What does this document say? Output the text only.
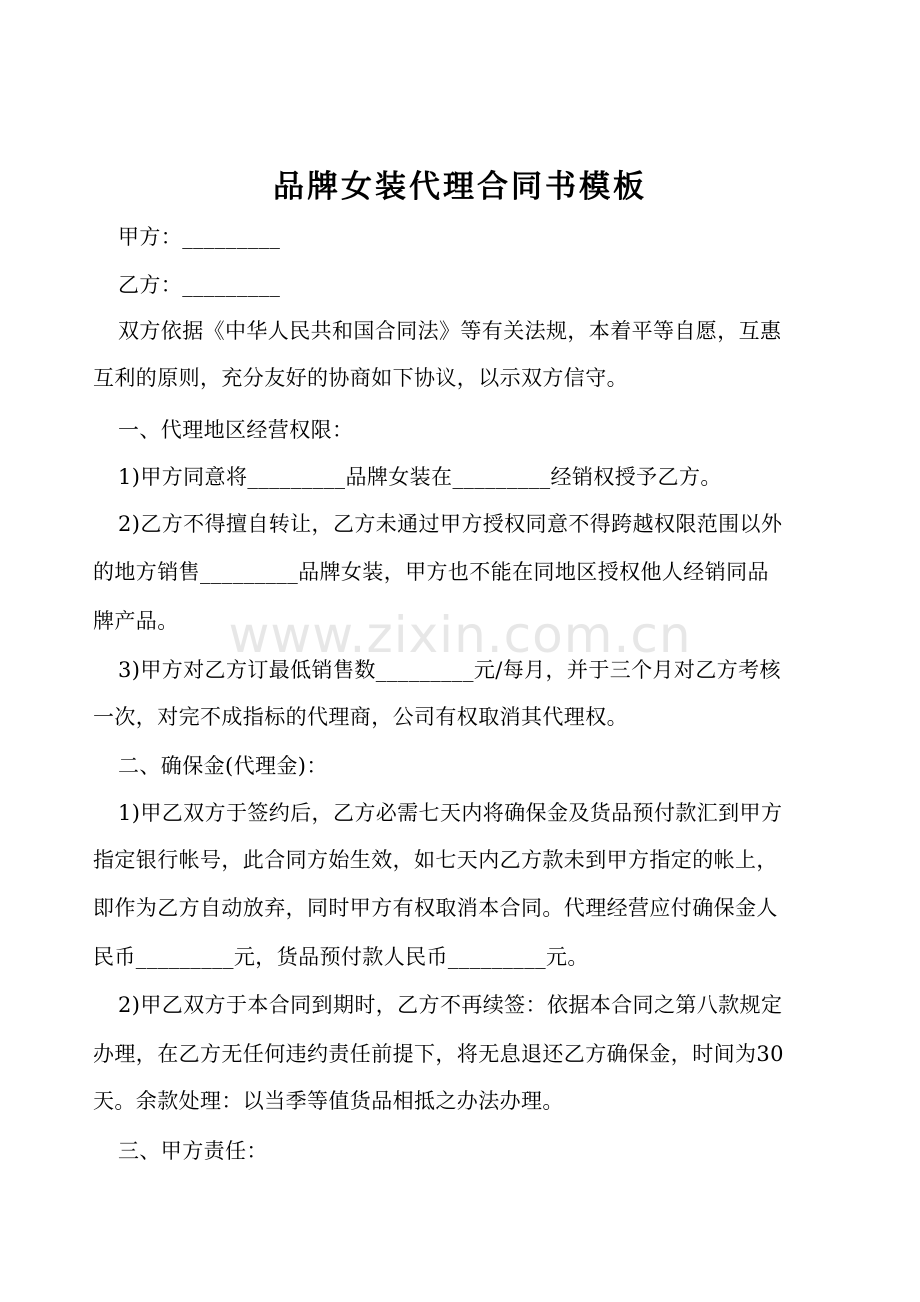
品牌女装代理合同书模板
甲方：_________
乙方：_________
双方依据《中华人民共和国合同法》等有关法规，本着平等自愿，互惠
互利的原则，充分友好的协商如下协议，以示双方信守。
一、代理地区经营权限：
1)甲方同意将_________品牌女装在_________经销权授予乙方。
2)乙方不得擅自转让，乙方未通过甲方授权同意不得跨越权限范围以外
的地方销售_________品牌女装，甲方也不能在同地区授权他人经销同品
牌产品。
3)甲方对乙方订最低销售数_________元/每月，并于三个月对乙方考核
一次，对完不成指标的代理商，公司有权取消其代理权。
二、确保金(代理金)：
1)甲乙双方于签约后，乙方必需七天内将确保金及货品预付款汇到甲方
指定银行帐号，此合同方始生效，如七天内乙方款未到甲方指定的帐上，
即作为乙方自动放弃，同时甲方有权取消本合同。代理经营应付确保金人
民币_________元，货品预付款人民币_________元。
2)甲乙双方于本合同到期时，乙方不再续签：依据本合同之第八款规定
办理，在乙方无任何违约责任前提下，将无息退还乙方确保金，时间为30
天。余款处理：以当季等值货品相抵之办法办理。
三、甲方责任：
www.zixin.com.cn
